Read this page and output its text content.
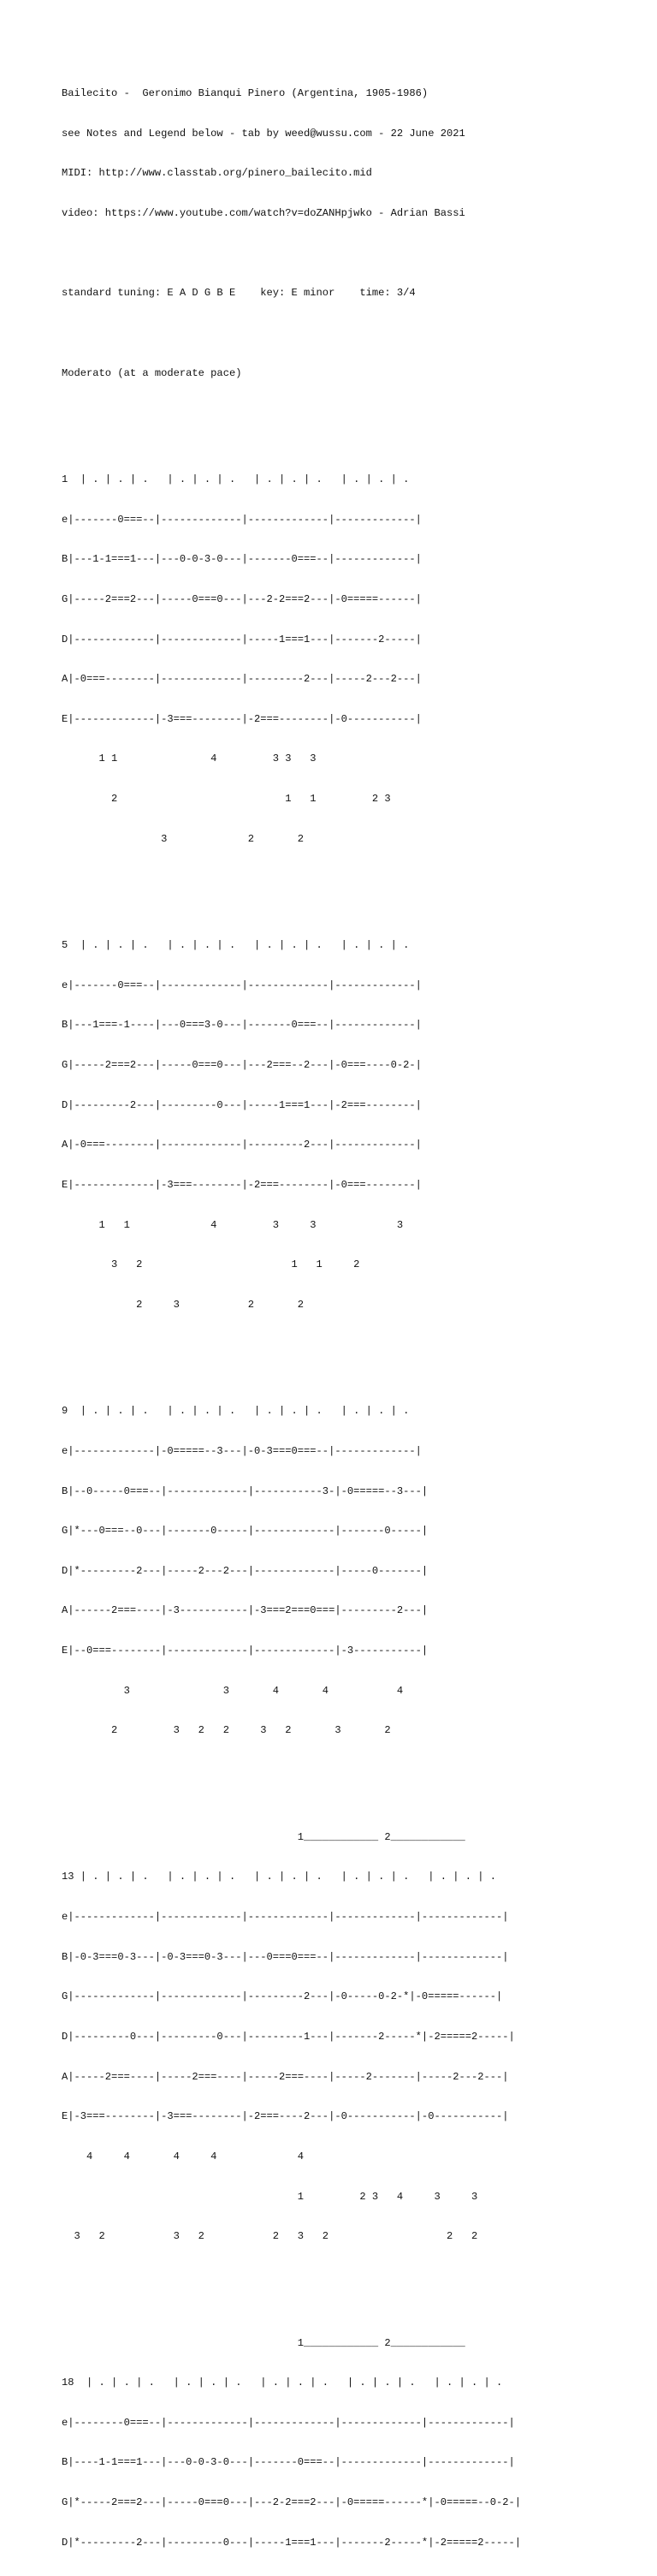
Bailecito -  Geronimo Bianqui Pinero (Argentina, 1905-1986)

see Notes and Legend below - tab by weed@wussu.com - 22 June 2021

MIDI: http://www.classtab.org/pinero_bailecito.mid

video: https://www.youtube.com/watch?v=doZANHpjwko - Adrian Bassi

standard tuning: E A D G B E    key: E minor    time: 3/4

Moderato (at a moderate pace)

1  | . | . | .   | . | . | .   | . | . | .   | . | . | .

e|-------0===--|-------------|-------------|-------------|

B|---1-1===1---|---0-0-3-0---|-------0===--|-------------|

G|-----2===2---|-----0===0---|---2-2===2---|-0=====------|

D|-------------|-------------|-----1===1---|-------2-----|

A|-0===--------|-------------|---------2---|-----2---2---|

E|-------------|-3===--------|-2===--------|-0-----------|

1 1               4         3 3   3

2                           1   1         2 3

3             2       2

5  | . | . | .   | . | . | .   | . | . | .   | . | . | .

e|-------0===--|-------------|-------------|-------------|

B|---1===-1----|---0===3-0---|-------0===--|-------------|

G|-----2===2---|-----0===0---|---2===--2---|-0===----0-2-|

D|---------2---|---------0---|-----1===1---|-2===--------|

A|-0===--------|-------------|---------2---|-------------|

E|-------------|-3===--------|-2===--------|-0===--------|

1   1             4         3     3             3

3   2                        1   1     2

2     3           2       2

9  | . | . | .   | . | . | .   | . | . | .   | . | . | .

e|-------------|-0=====--3---|-0-3===0===--|-------------|

B|--0-----0===--|-------------|-----------3-|-0=====--3---|

G|*---0===--0---|-------0-----|-------------|-------0-----|

D|*---------2---|-----2---2---|-------------|-----0-------|

A|------2===----|-3-----------|-3===2===0===|---------2---|

E|--0===--------|-------------|-------------|-3-----------|

3               3       4       4           4

2         3   2   2     3   2       3       2

1____________ 2____________

13 | . | . | .   | . | . | .   | . | . | .   | . | . | .   | . | . | .

e|-------------|-------------|-------------|-------------|-------------|

B|-0-3===0-3---|-0-3===0-3---|---0===0===--|-------------|-------------|

G|-------------|-------------|---------2---|-0-----0-2-*|-0=====------|

D|---------0---|---------0---|---------1---|-------2-----*|-2=====2-----|

A|-----2===----|-----2===----|-----2===----|-----2-------|-----2---2---|

E|-3===--------|-3===--------|-2===----2---|-0-----------|-0-----------|

4     4       4     4             4

1         2 3   4     3     3

3   2           3   2           2   3   2                   2   2

1____________ 2____________

18  | . | . | .   | . | . | .   | . | . | .   | . | . | .   | . | . | .

e|--------0===--|-------------|-------------|-------------|-------------|

B|----1-1===1---|---0-0-3-0---|-------0===--|-------------|-------------|

G|*-----2===2---|-----0===0---|---2-2===2---|-0=====------*|-0=====--0-2-|

D|*---------2---|---------0---|-----1===1---|-------2-----*|-2=====2-----|
